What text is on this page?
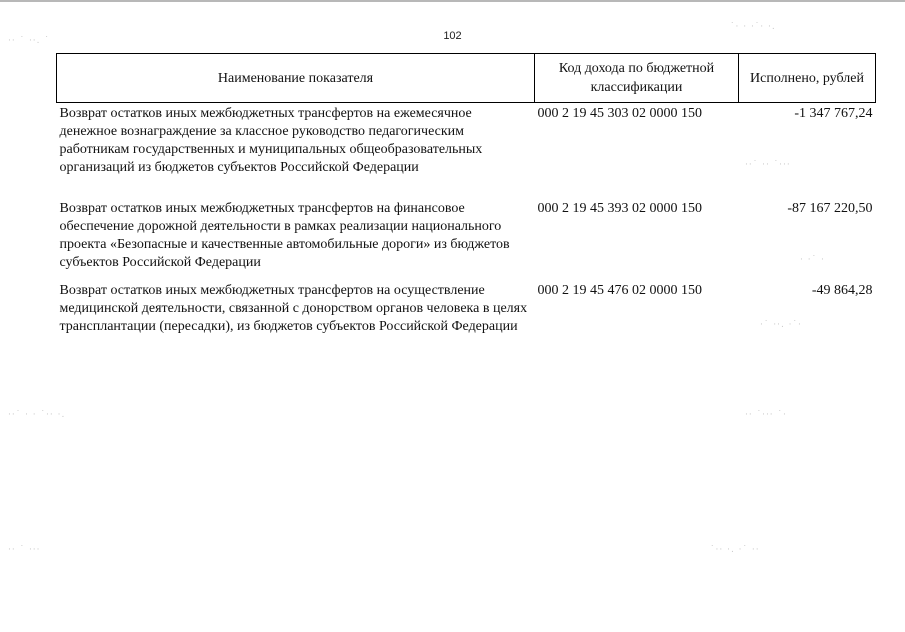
102
Наименование показателя	Код дохода по бюджетной классификации	Исполнено, рублей
Возврат остатков иных межбюджетных трансфертов на ежемесячное денежное вознаграждение за классное руководство педагогическим работникам государственных и муниципальных общеобразовательных организаций из бюджетов субъектов Российской Федерации	000 2 19 45 303 02 0000 150	-1 347 767,24
Возврат остатков иных межбюджетных трансфертов на финансовое обеспечение дорожной деятельности в рамках реализации национального проекта «Безопасные и качественные автомобильные дороги» из бюджетов субъектов Российской Федерации	000 2 19 45 393 02 0000 150	-87 167 220,50
Возврат остатков иных межбюджетных трансфертов на осуществление медицинской деятельности, связанной с донорством органов человека в целях трансплантации (пересадки), из бюджетов субъектов Российской Федерации	000 2 19 45 476 02 0000 150	-49 864,28
·‧ ˙ ‧·. ˙
˙· ‧ ·˙‧ ·.
·‧˙ ·‧ ˙··‧
‧ ·˙ ·
·˙ ‧·. ‧˙·
‧·˙ · ‧ ˙·‧ ·.	·‧ ˙·‧· ˙‧
˙·‧ ·. ‧˙ ·‧
·‧ ˙ ·‧·
